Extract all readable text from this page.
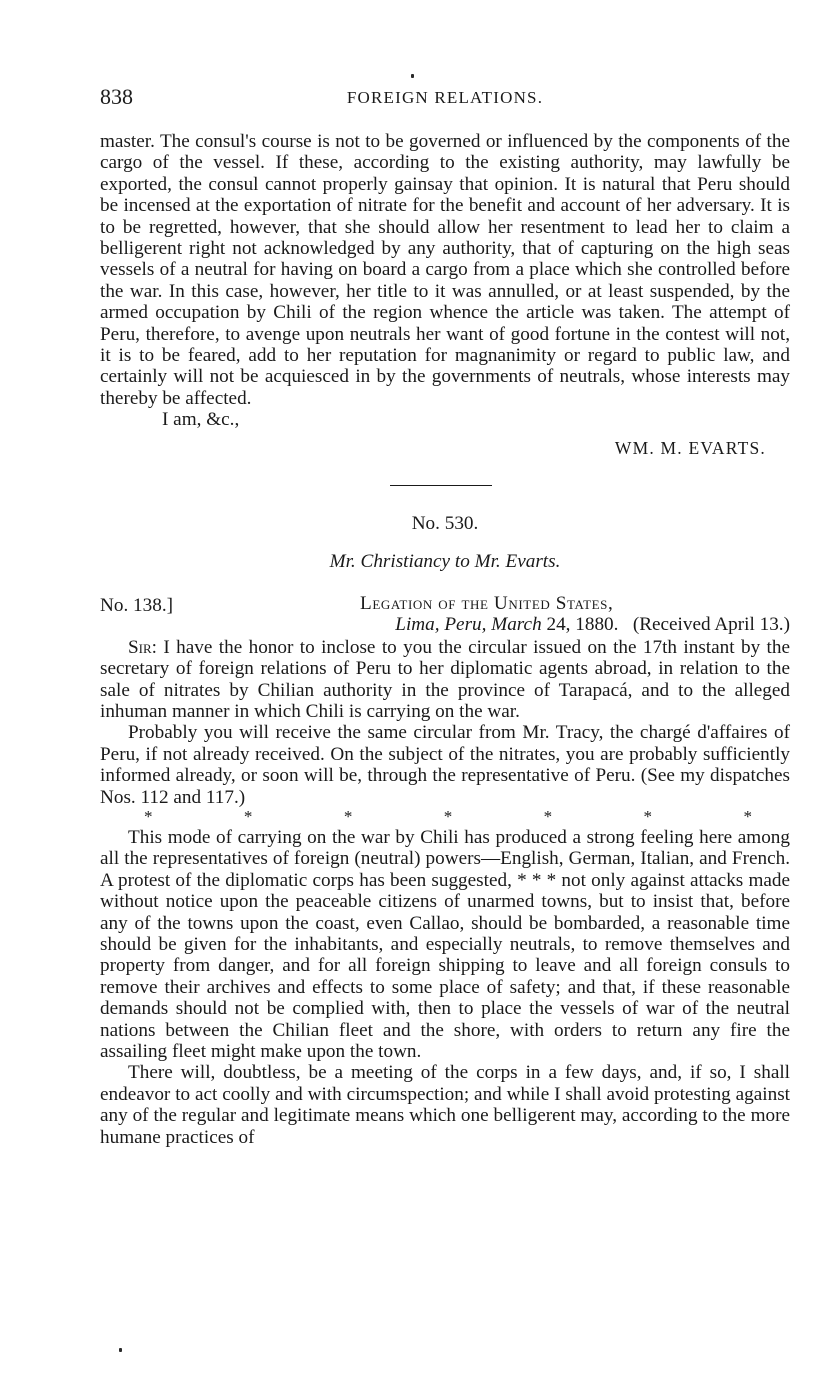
838	FOREIGN RELATIONS.

master. The consul's course is not to be governed or influenced by the components of the cargo of the vessel. If these, according to the existing authority, may lawfully be exported, the consul cannot properly gainsay that opinion. It is natural that Peru should be incensed at the exportation of nitrate for the benefit and account of her adversary. It is to be regretted, however, that she should allow her resentment to lead her to claim a belligerent right not acknowledged by any authority, that of capturing on the high seas vessels of a neutral for having on board a cargo from a place which she controlled before the war. In this case, however, her title to it was annulled, or at least suspended, by the armed occupation by Chili of the region whence the article was taken. The attempt of Peru, therefore, to avenge upon neutrals her want of good fortune in the contest will not, it is to be feared, add to her reputation for magnanimity or regard to public law, and certainly will not be acquiesced in by the governments of neutrals, whose interests may thereby be affected.

I am, &c.,

WM. M. EVARTS.
No. 530.
Mr. Christiancy to Mr. Evarts.
No. 138.]	Legation of the United States,
Lima, Peru, March 24, 1880. (Received April 13.)

Sir: I have the honor to inclose to you the circular issued on the 17th instant by the secretary of foreign relations of Peru to her diplomatic agents abroad, in relation to the sale of nitrates by Chilian authority in the province of Tarapacá, and to the alleged inhuman manner in which Chili is carrying on the war.

Probably you will receive the same circular from Mr. Tracy, the chargé d'affaires of Peru, if not already received. On the subject of the nitrates, you are probably sufficiently informed already, or soon will be, through the representative of Peru. (See my dispatches Nos. 112 and 117.)

*	*	*	*	*	*	*

This mode of carrying on the war by Chili has produced a strong feeling here among all the representatives of foreign (neutral) powers—English, German, Italian, and French. A protest of the diplomatic corps has been suggested, * * * not only against attacks made without notice upon the peaceable citizens of unarmed towns, but to insist that, before any of the towns upon the coast, even Callao, should be bombarded, a reasonable time should be given for the inhabitants, and especially neutrals, to remove themselves and property from danger, and for all foreign shipping to leave and all foreign consuls to remove their archives and effects to some place of safety; and that, if these reasonable demands should not be complied with, then to place the vessels of war of the neutral nations between the Chilian fleet and the shore, with orders to return any fire the assailing fleet might make upon the town.

There will, doubtless, be a meeting of the corps in a few days, and, if so, I shall endeavor to act coolly and with circumspection; and while I shall avoid protesting against any of the regular and legitimate means which one belligerent may, according to the more humane practices of
